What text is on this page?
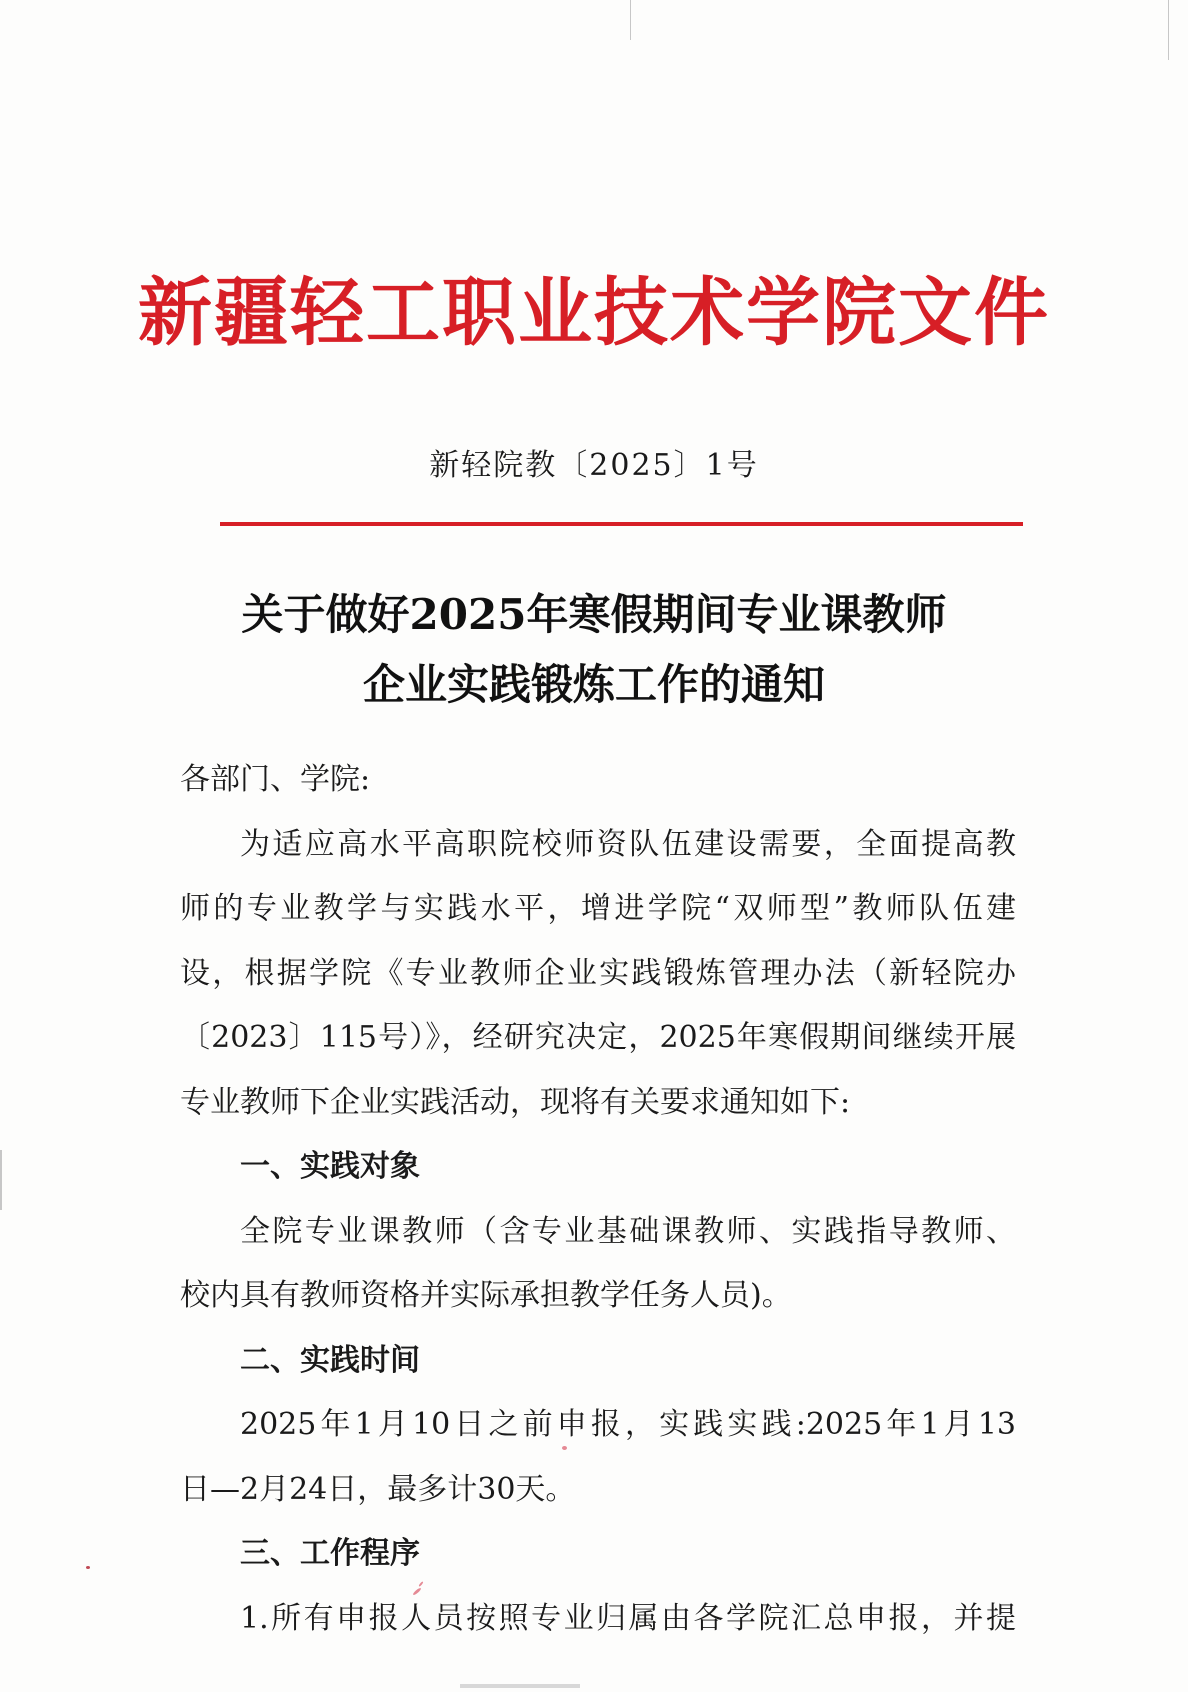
新疆轻工职业技术学院文件
新轻院教〔2025〕1号
关于做好2025年寒假期间专业课教师
企业实践锻炼工作的通知
各部门、学院:
为适应高水平高职院校师资队伍建设需要，全面提高教
师的专业教学与实践水平，增进学院“双师型”教师队伍建
设，根据学院《专业教师企业实践锻炼管理办法（新轻院办
〔2023〕115号）》，经研究决定，2025年寒假期间继续开展
专业教师下企业实践活动，现将有关要求通知如下:
一、实践对象
全院专业课教师（含专业基础课教师、实践指导教师、
校内具有教师资格并实际承担教学任务人员)。
二、实践时间
2025年1月10日之前申报，实践实践:2025年1月13
日—2月24日，最多计30天。
三、工作程序
1.所有申报人员按照专业归属由各学院汇总申报，并提
